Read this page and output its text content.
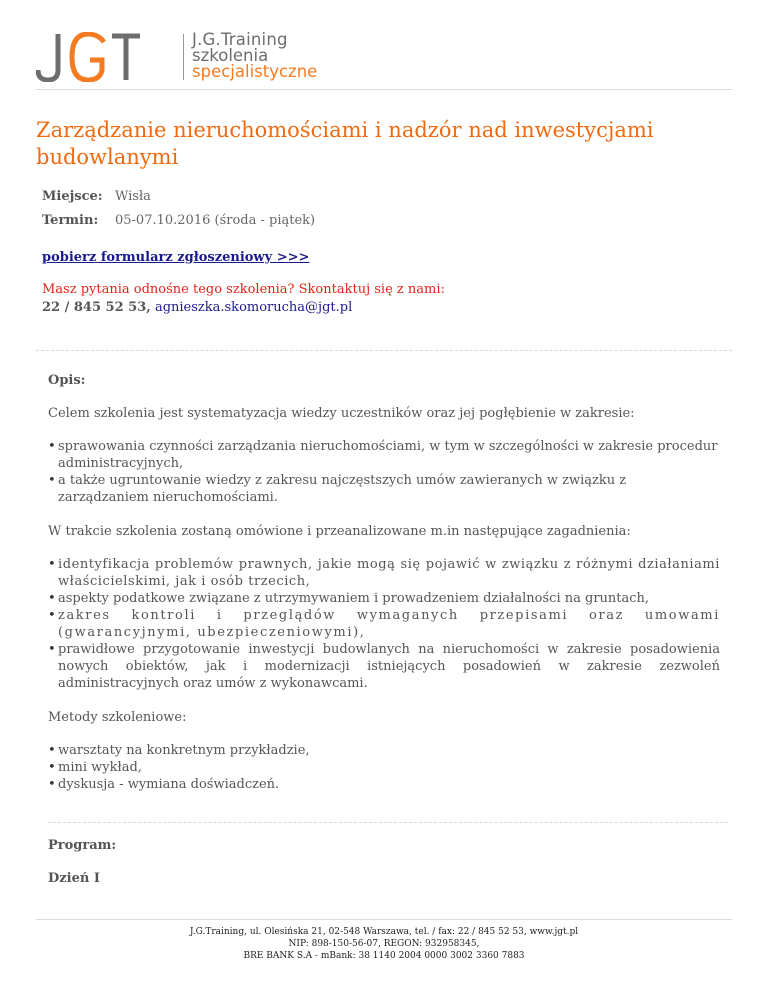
J.G.Training
szkolenia
specjalistyczne
Zarządzanie nieruchomościami i nadzór nad inwestycjami budowlanymi
Miejsce: Wisła
Termin: 05-07.10.2016 (środa - piątek)
pobierz formularz zgłoszeniowy >>>
Masz pytania odnośne tego szkolenia? Skontaktuj się z nami:
22 / 845 52 53, agnieszka.skomorucha@jgt.pl

Opis:

Celem szkolenia jest systematyzacja wiedzy uczestników oraz jej pogłębienie w zakresie:

• sprawowania czynności zarządzania nieruchomościami, w tym w szczególności w zakresie procedur administracyjnych,
• a także ugruntowanie wiedzy z zakresu najczęstszych umów zawieranych w związku z zarządzaniem nieruchomościami.

W trakcie szkolenia zostaną omówione i przeanalizowane m.in następujące zagadnienia:

• identyfikacja problemów prawnych, jakie mogą się pojawić w związku z różnymi działaniami właścicielskimi, jak i osób trzecich,
• aspekty podatkowe związane z utrzymywaniem i prowadzeniem działalności na gruntach,
• zakres kontroli i przeglądów wymaganych przepisami oraz umowami (gwarancyjnymi, ubezpieczeniowymi),
• prawidłowe przygotowanie inwestycji budowlanych na nieruchomości w zakresie posadowienia nowych obiektów, jak i modernizacji istniejących posadowień w zakresie zezwoleń administracyjnych oraz umów z wykonawcami.

Metody szkoleniowe:

• warsztaty na konkretnym przykładzie,
• mini wykład,
• dyskusja - wymiana doświadczeń.

Program:

Dzień I

J.G.Training, ul. Olesińska 21, 02-548 Warszawa, tel. / fax: 22 / 845 52 53, www.jgt.pl
NIP: 898-150-56-07, REGON: 932958345,
BRE BANK S.A - mBank: 38 1140 2004 0000 3002 3360 7883
